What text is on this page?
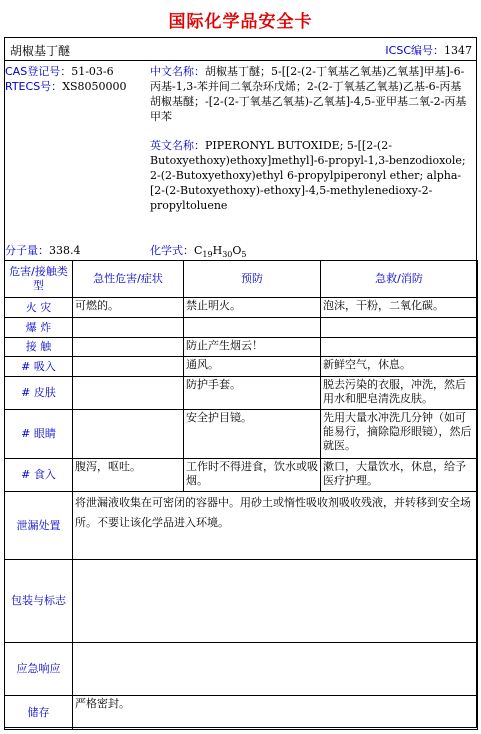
国际化学品安全卡
胡椒基丁醚	ICSC编号：1347
CAS登记号：51-03-6
RTECS号：XS8050000

中文名称：胡椒基丁醚；5-[[2-(2-丁氧基乙氧基)乙氧基]甲基]-6-丙基-1,3-苯并间二氧杂环戊烯；2-(2-丁氧基乙氧基)乙基-6-丙基胡椒基醚；-[2-(2-丁氧基乙氧基)-乙氧基]-4,5-亚甲基二氧-2-丙基甲苯

英文名称：PIPERONYL BUTOXIDE; 5-[[2-(2-Butoxyethoxy)ethoxy]methyl]-6-propyl-1,3-benzodioxole; 2-(2-Butoxyethoxy)ethyl 6-propylpiperonyl ether; alpha-[2-(2-Butoxyethoxy)-ethoxy]-4,5-methylenedioxy-2-propyltoluene

分子量：338.4	化学式：$C_{19}H_{30}O_5$
危害/接触类型	急性危害/症状	预防	急救/消防
火 灾	可燃的。	禁止明火。	泡沫，干粉，二氧化碳。
爆 炸			
接 触		防止产生烟云！	
# 吸入		通风。	新鲜空气，休息。
# 皮肤		防护手套。	脱去污染的衣服，冲洗，然后用水和肥皂清洗皮肤。
# 眼睛		安全护目镜。	先用大量水冲洗几分钟（如可能易行，摘除隐形眼镜），然后就医。
# 食入	腹泻，呕吐。	工作时不得进食，饮水或吸烟。	漱口，大量饮水，休息，给予医疗护理。
泄漏处置	将泄漏液收集在可密闭的容器中。用砂土或惰性吸收剂吸收残液，并转移到安全场所。不要让该化学品进入环境。		
包装与标志			
应急响应			
储存	严格密封。		
